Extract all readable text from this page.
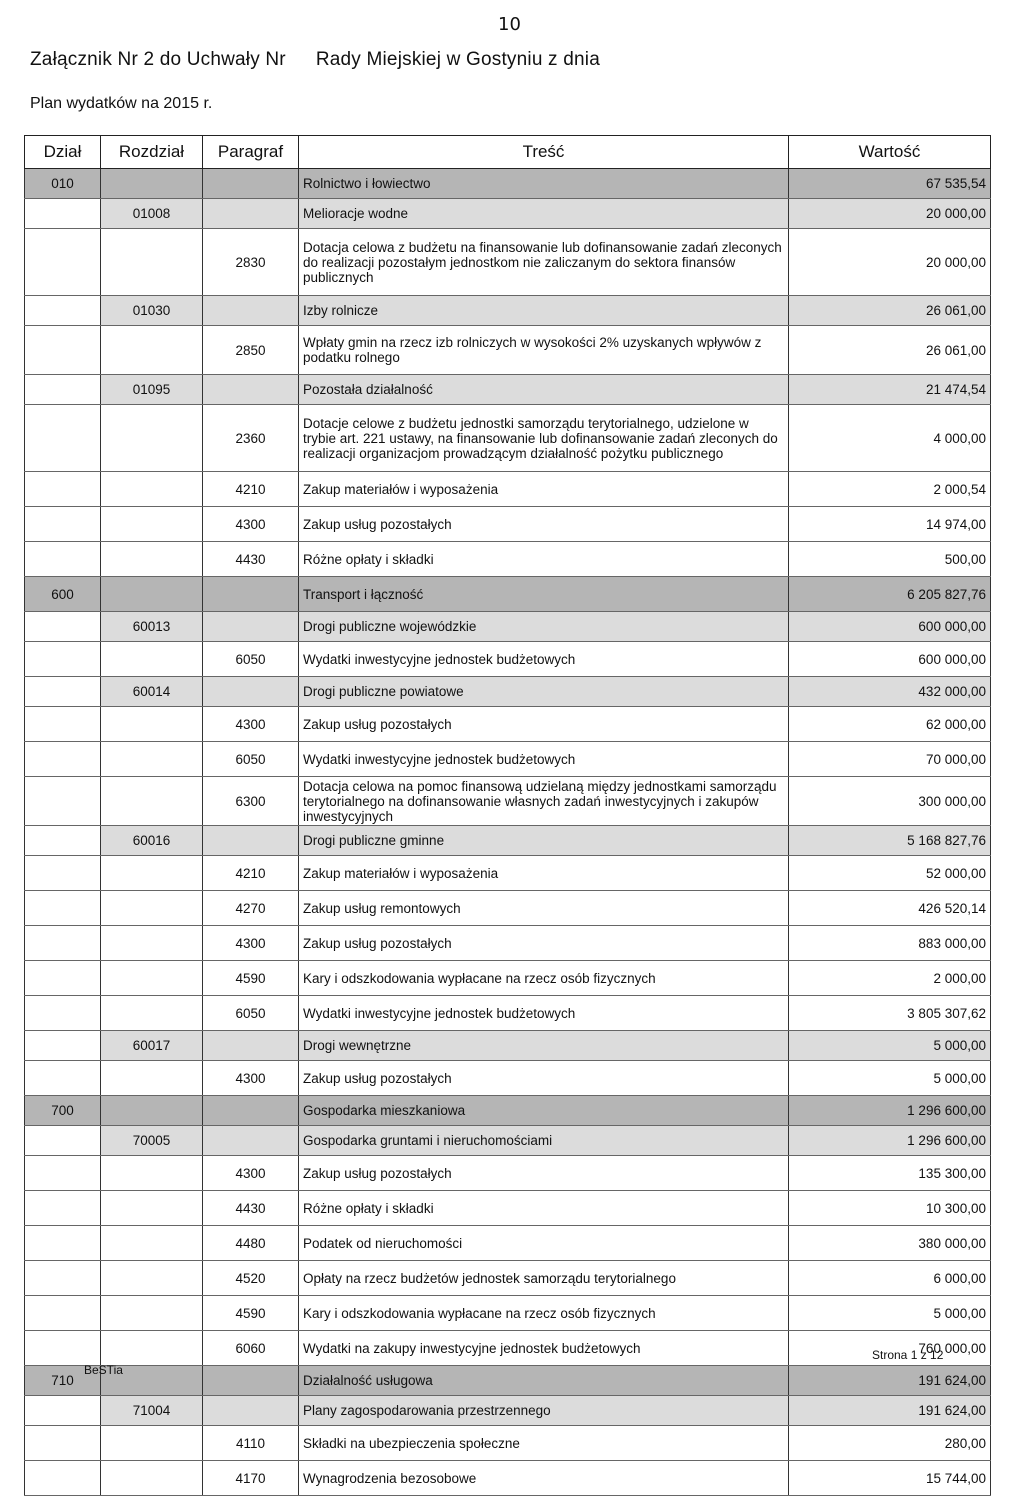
10
Załącznik Nr 2 do Uchwały Nr Rady Miejskiej w Gostyniu z dnia
Plan wydatków na 2015 r.
Dział	Rozdział	Paragraf	Treść	Wartość
010			Rolnictwo i łowiectwo	67 535,54
	01008		Melioracje wodne	20 000,00
		2830	Dotacja celowa z budżetu na finansowanie lub dofinansowanie zadań zleconych do realizacji pozostałym jednostkom nie zaliczanym do sektora finansów publicznych	20 000,00
	01030		Izby rolnicze	26 061,00
		2850	Wpłaty gmin na rzecz izb rolniczych w wysokości 2% uzyskanych wpływów z podatku rolnego	26 061,00
	01095		Pozostała działalność	21 474,54
		2360	Dotacje celowe z budżetu jednostki samorządu terytorialnego, udzielone w trybie art. 221 ustawy, na finansowanie lub dofinansowanie zadań zleconych do realizacji organizacjom prowadzącym działalność pożytku publicznego	4 000,00
		4210	Zakup materiałów i wyposażenia	2 000,54
		4300	Zakup usług pozostałych	14 974,00
		4430	Różne opłaty i składki	500,00
600			Transport i łączność	6 205 827,76
	60013		Drogi publiczne wojewódzkie	600 000,00
		6050	Wydatki inwestycyjne jednostek budżetowych	600 000,00
	60014		Drogi publiczne powiatowe	432 000,00
		4300	Zakup usług pozostałych	62 000,00
		6050	Wydatki inwestycyjne jednostek budżetowych	70 000,00
		6300	Dotacja celowa na pomoc finansową udzielaną między jednostkami samorządu terytorialnego na dofinansowanie własnych zadań inwestycyjnych i zakupów inwestycyjnych	300 000,00
	60016		Drogi publiczne gminne	5 168 827,76
		4210	Zakup materiałów i wyposażenia	52 000,00
		4270	Zakup usług remontowych	426 520,14
		4300	Zakup usług pozostałych	883 000,00
		4590	Kary i odszkodowania wypłacane na rzecz osób fizycznych	2 000,00
		6050	Wydatki inwestycyjne jednostek budżetowych	3 805 307,62
	60017		Drogi wewnętrzne	5 000,00
		4300	Zakup usług pozostałych	5 000,00
700			Gospodarka mieszkaniowa	1 296 600,00
	70005		Gospodarka gruntami i nieruchomościami	1 296 600,00
		4300	Zakup usług pozostałych	135 300,00
		4430	Różne opłaty i składki	10 300,00
		4480	Podatek od nieruchomości	380 000,00
		4520	Opłaty na rzecz budżetów jednostek samorządu terytorialnego	6 000,00
		4590	Kary i odszkodowania wypłacane na rzecz osób fizycznych	5 000,00
		6060	Wydatki na zakupy inwestycyjne jednostek budżetowych	760 000,00
710			Działalność usługowa	191 624,00
	71004		Plany zagospodarowania przestrzennego	191 624,00
		4110	Składki na ubezpieczenia społeczne	280,00
		4170	Wynagrodzenia bezosobowe	15 744,00
BeSTia
Strona 1 z 12
